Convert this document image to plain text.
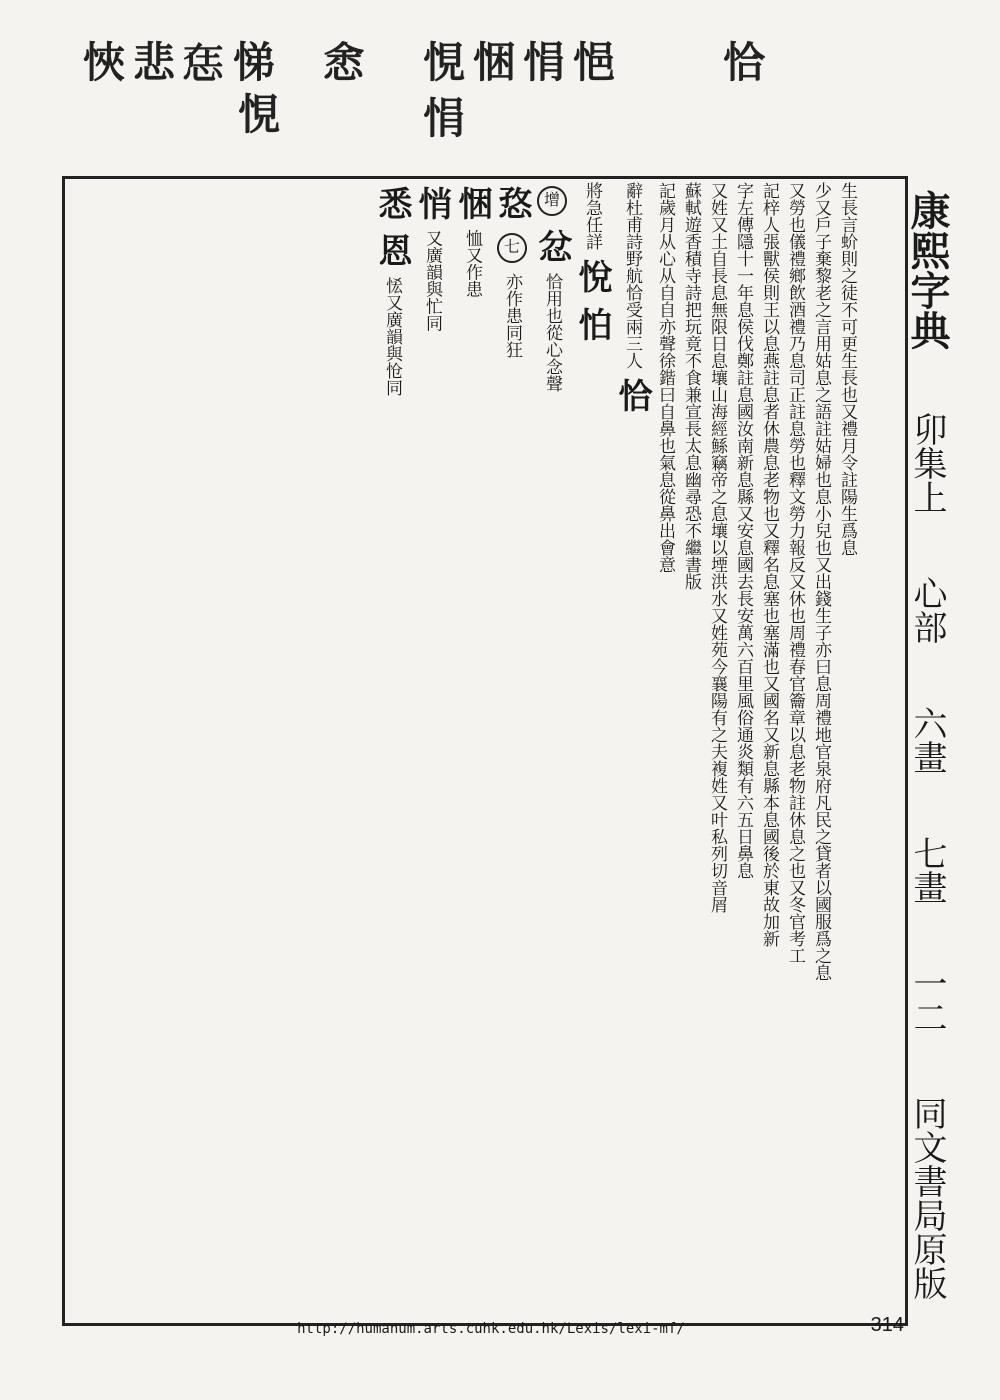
悏 悲 𢙮 悌
悓
悆 悓 悃
悁
悁 悒 恰
康熙字典
卯集上
心部
六畫
七畫
一二
同文書局原版
生長言蚧則之徒不可更生長也又禮月令註陽生爲息
少又戶子棄黎老之言用姑息之語註姑婦也息小兒也又出錢生子亦曰息周禮地官泉府凡民之貸者以國服爲之息
又勞也儀禮鄉飲酒禮乃息司正註息勞也釋文勞力報反又休也周禮春官籥章以息老物註休息之也又冬官考工
記梓人張獸侯則王以息燕註息者休農息老物也又釋名息塞也塞滿也又國名又新息縣本息國後於東故加新
字左傳隱十一年息侯伐鄭註息國汝南新息縣又安息國去長安萬六百里風俗通炎類有六五日鼻息
又姓又土自長息無限日息壤山海經鯀竊帝之息壤以堙洪水又姓苑今襄陽有之夫複姓又叶私列切音屑
蘇軾遊香積寺詩把玩竟不食兼宣長太息幽尋恐不繼書版
記歲月从心从自自亦聲徐鍇曰自鼻也氣息從鼻出會意
辭杜甫詩野航恰受兩三人 恰
將急任詳 悅 怕
增 忿 恰用也從心念聲
㤵 七 亦作患同狂
悃 恤又作患
悄 又廣韻與忙同
悉 恩 恡又廣韻與怆同
http://humanum.arts.cuhk.edu.hk/Lexis/lexi-mf/	314
